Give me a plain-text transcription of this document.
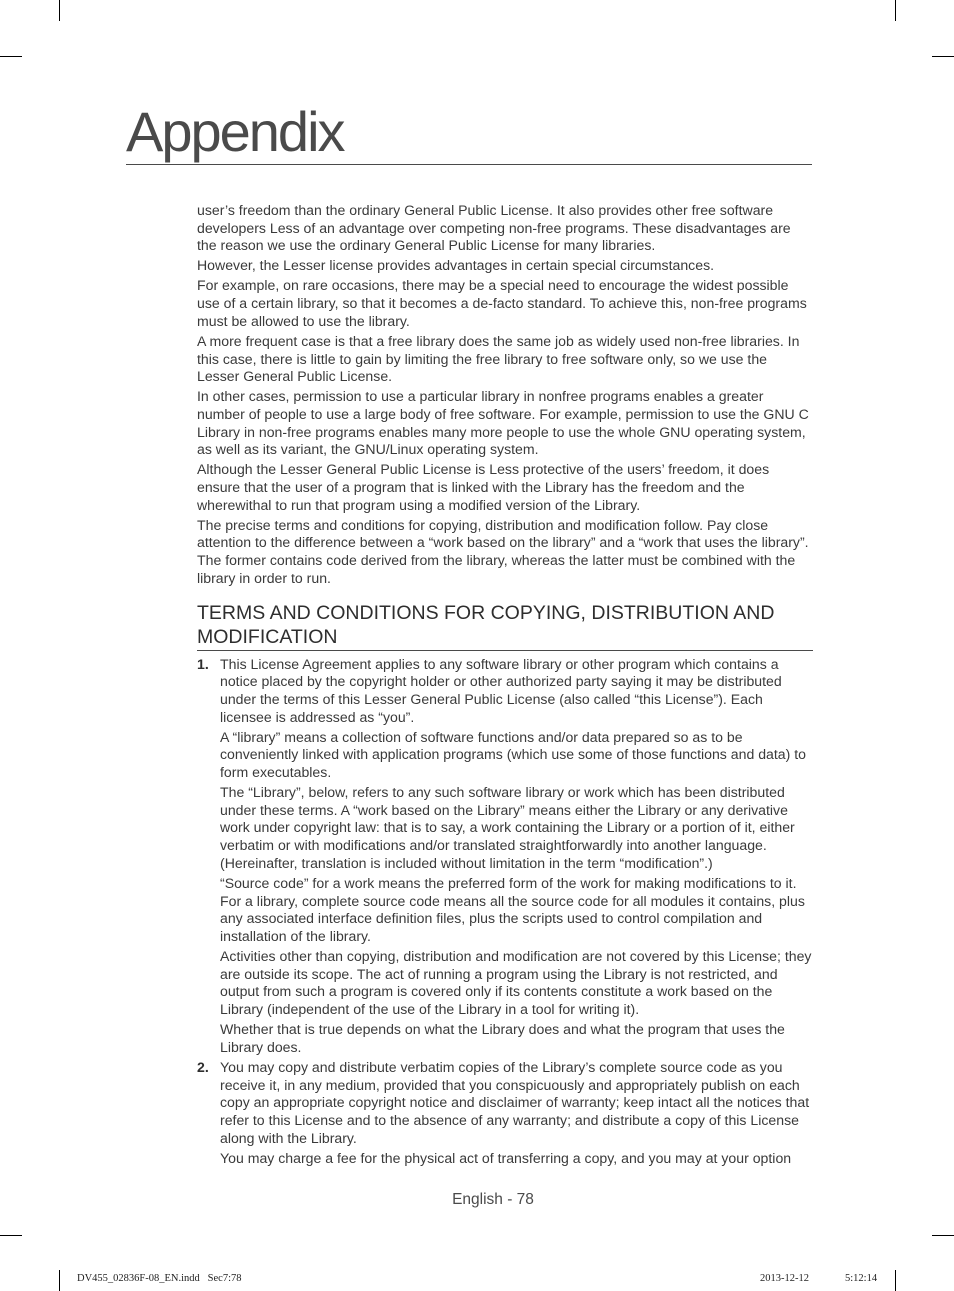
Appendix

user’s freedom than the ordinary General Public License. It also provides other free software developers Less of an advantage over competing non-free programs. These disadvantages are the reason we use the ordinary General Public License for many libraries.

However, the Lesser license provides advantages in certain special circumstances.

For example, on rare occasions, there may be a special need to encourage the widest possible use of a certain library, so that it becomes a de-facto standard. To achieve this, non-free programs must be allowed to use the library.

A more frequent case is that a free library does the same job as widely used non-free libraries. In this case, there is little to gain by limiting the free library to free software only, so we use the Lesser General Public License.

In other cases, permission to use a particular library in nonfree programs enables a greater number of people to use a large body of free software. For example, permission to use the GNU C Library in non-free programs enables many more people to use the whole GNU operating system, as well as its variant, the GNU/Linux operating system.

Although the Lesser General Public License is Less protective of the users’ freedom, it does ensure that the user of a program that is linked with the Library has the freedom and the wherewithal to run that program using a modified version of the Library.

The precise terms and conditions for copying, distribution and modification follow. Pay close attention to the difference between a “work based on the library” and a “work that uses the library”. The former contains code derived from the library, whereas the latter must be combined with the library in order to run.

TERMS AND CONDITIONS FOR COPYING, DISTRIBUTION AND MODIFICATION
1. This License Agreement applies to any software library or other program which contains a notice placed by the copyright holder or other authorized party saying it may be distributed under the terms of this Lesser General Public License (also called “this License”). Each licensee is addressed as “you”.

A “library” means a collection of software functions and/or data prepared so as to be conveniently linked with application programs (which use some of those functions and data) to form executables.

The “Library”, below, refers to any such software library or work which has been distributed under these terms. A “work based on the Library” means either the Library or any derivative work under copyright law: that is to say, a work containing the Library or a portion of it, either verbatim or with modifications and/or translated straightforwardly into another language. (Hereinafter, translation is included without limitation in the term “modification”.)

“Source code” for a work means the preferred form of the work for making modifications to it. For a library, complete source code means all the source code for all modules it contains, plus any associated interface definition files, plus the scripts used to control compilation and installation of the library.

Activities other than copying, distribution and modification are not covered by this License; they are outside its scope. The act of running a program using the Library is not restricted, and output from such a program is covered only if its contents constitute a work based on the Library (independent of the use of the Library in a tool for writing it).

Whether that is true depends on what the Library does and what the program that uses the Library does.

2. You may copy and distribute verbatim copies of the Library’s complete source code as you receive it, in any medium, provided that you conspicuously and appropriately publish on each copy an appropriate copyright notice and disclaimer of warranty; keep intact all the notices that refer to this License and to the absence of any warranty; and distribute a copy of this License along with the Library.

You may charge a fee for the physical act of transferring a copy, and you may at your option

English - 78
DV455_02836F-08_EN.indd   Sec7:78	2013-12-12	5:12:14
